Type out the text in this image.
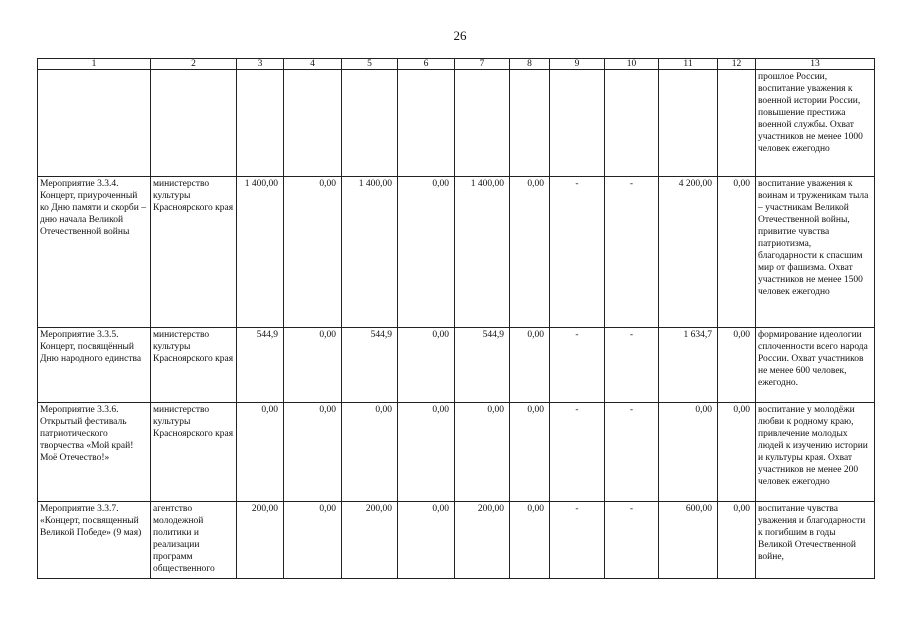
26
1	2	3	4	5	6	7	8	9	10	11	12	13
												прошлое России, воспитание уважения к военной истории России, повышение престижа военной службы. Охват участников не менее 1000 человек ежегодно
Мероприятие 3.3.4. Концерт, приуроченный ко Дню памяти и скорби – дню начала Великой Отечественной войны	министерство культуры Красноярского края	1 400,00	0,00	1 400,00	0,00	1 400,00	0,00	-	-	4 200,00	0,00	воспитание уважения к воинам и труженикам тыла – участникам Великой Отечественной войны, привитие чувства патриотизма, благодарности к спасшим мир от фашизма. Охват участников не менее 1500 человек ежегодно
Мероприятие 3.3.5. Концерт, посвящённый Дню народного единства	министерство культуры Красноярского края	544,9	0,00	544,9	0,00	544,9	0,00	-	-	1 634,7	0,00	формирование идеологии сплоченности всего народа России. Охват участников не менее 600 человек, ежегодно.
Мероприятие 3.3.6. Открытый фестиваль патриотического творчества «Мой край! Моё Отечество!»	министерство культуры Красноярского края	0,00	0,00	0,00	0,00	0,00	0,00	-	-	0,00	0,00	воспитание у молодёжи любви к родному краю, привлечение молодых людей к изучению истории и культуры края. Охват участников не менее 200 человек ежегодно
Мероприятие 3.3.7. «Концерт, посвященный Великой Победе» (9 мая)	агентство молодежной политики и реализации программ общественного	200,00	0,00	200,00	0,00	200,00	0,00	-	-	600,00	0,00	воспитание чувства уважения и благодарности к погибшим в годы Великой Отечественной войне,
